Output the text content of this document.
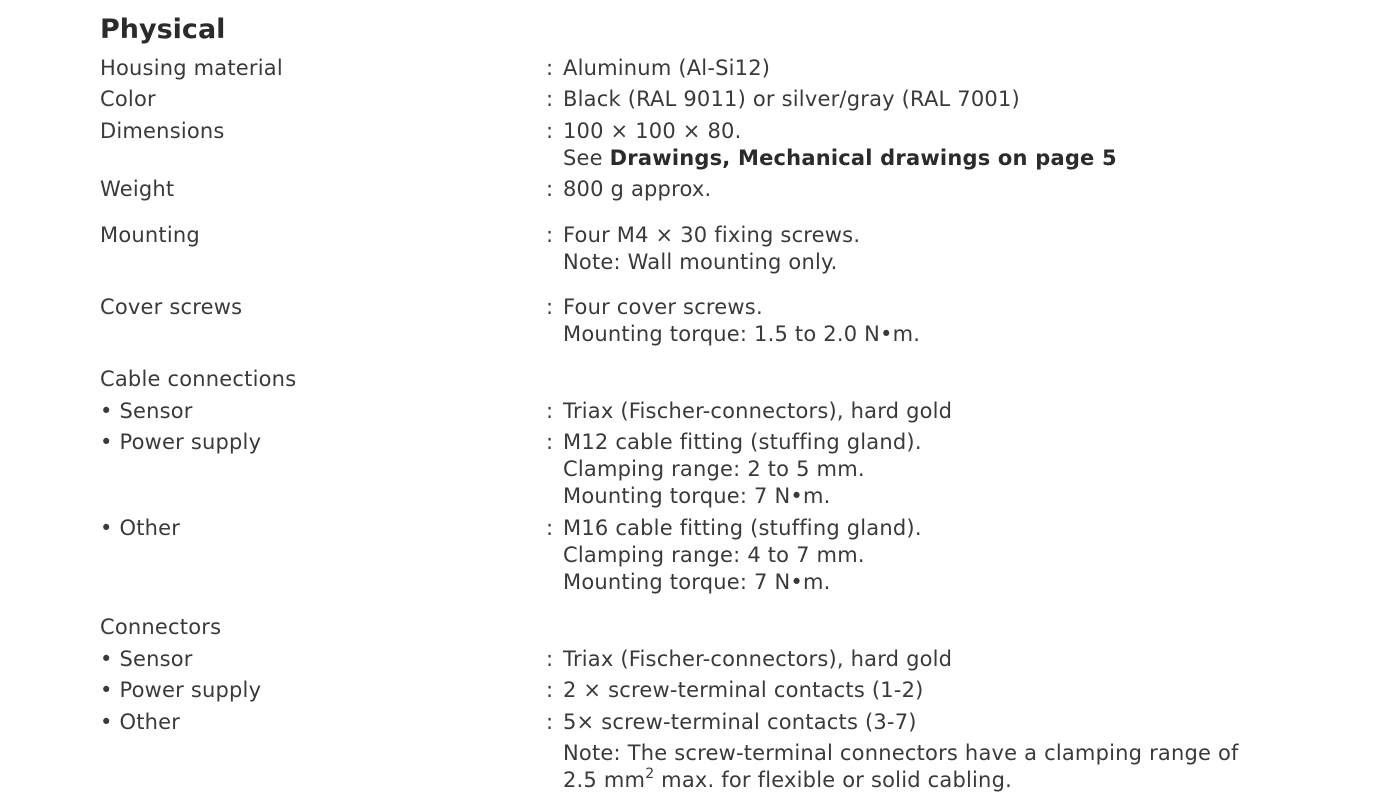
Physical
Housing material	: Aluminum (Al-Si12)
Color	: Black (RAL 9011) or silver/gray (RAL 7001)
Dimensions	: 100 × 100 × 80.
See Drawings, Mechanical drawings on page 5
Weight	: 800 g approx.
Mounting	: Four M4 × 30 fixing screws.
Note: Wall mounting only.
Cover screws	: Four cover screws.
Mounting torque: 1.5 to 2.0 N•m.
Cable connections
• Sensor	: Triax (Fischer-connectors), hard gold
• Power supply	: M12 cable fitting (stuffing gland).
Clamping range: 2 to 5 mm.
Mounting torque: 7 N•m.
• Other	: M16 cable fitting (stuffing gland).
Clamping range: 4 to 7 mm.
Mounting torque: 7 N•m.
Connectors
• Sensor	: Triax (Fischer-connectors), hard gold
• Power supply	: 2 × screw-terminal contacts (1-2)
• Other	: 5× screw-terminal contacts (3-7)
Note: The screw-terminal connectors have a clamping range of
2.5 $mm^2$ max. for flexible or solid cabling.
